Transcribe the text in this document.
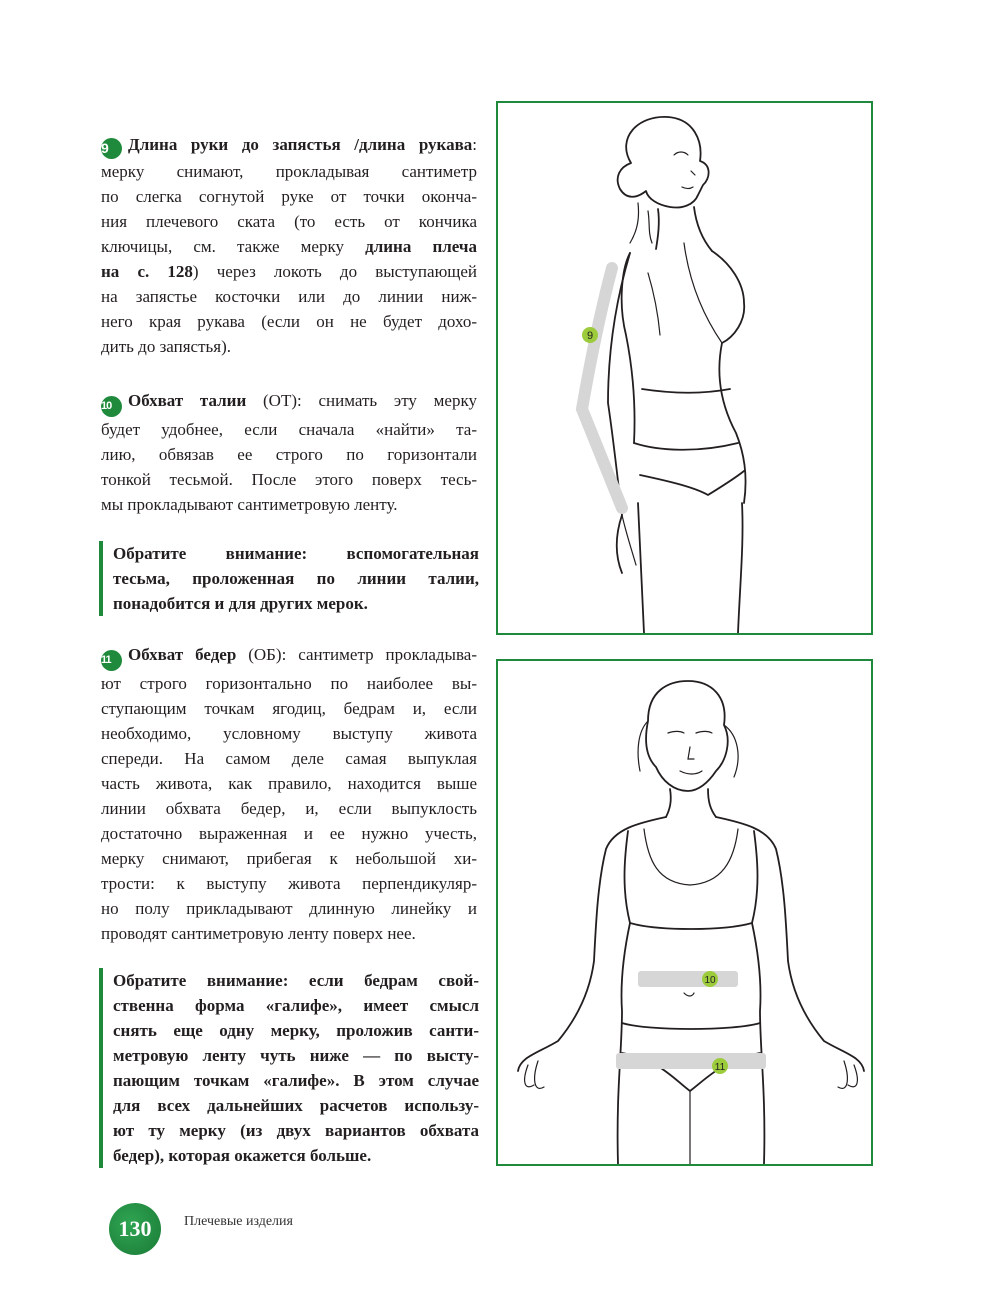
9 Длина руки до запястья /длина рукава:

мерку снимают, прокладывая сантиметр

по слегка согнутой руке от точки оконча-

ния плечевого ската (то есть от кончика

ключицы, см. также мерку длина плеча

на с. 128) через локоть до выступающей

на запястье косточки или до линии ниж-

него края рукава (если он не будет дохо-

дить до запястья).

10 Обхват талии (ОТ): снимать эту мерку

будет удобнее, если сначала «найти» та-

лию, обвязав ее строго по горизонтали

тонкой тесьмой. После этого поверх тесь-

мы прокладывают сантиметровую ленту.

Обратите внимание: вспомогательная

тесьма, проложенная по линии талии,

понадобится и для других мерок.

11 Обхват бедер (ОБ): сантиметр прокладыва-

ют строго горизонтально по наиболее вы-

ступающим точкам ягодиц, бедрам и, если

необходимо, условному выступу живота

спереди. На самом деле самая выпуклая

часть живота, как правило, находится выше

линии обхвата бедер, и, если выпуклость

достаточно выраженная и ее нужно учесть,

мерку снимают, прибегая к небольшой хи-

трости: к выступу живота перпендикуляр-

но полу прикладывают длинную линейку и

проводят сантиметровую ленту поверх нее.

Обратите внимание: если бедрам свой-

ственна форма «галифе», имеет смысл

снять еще одну мерку, проложив санти-

метровую ленту чуть ниже — по высту-

пающим точкам «галифе». В этом случае

для всех дальнейших расчетов использу-

ют ту мерку (из двух вариантов обхвата

бедер), которая окажется больше.

9
10
11
130	Плечевые изделия
